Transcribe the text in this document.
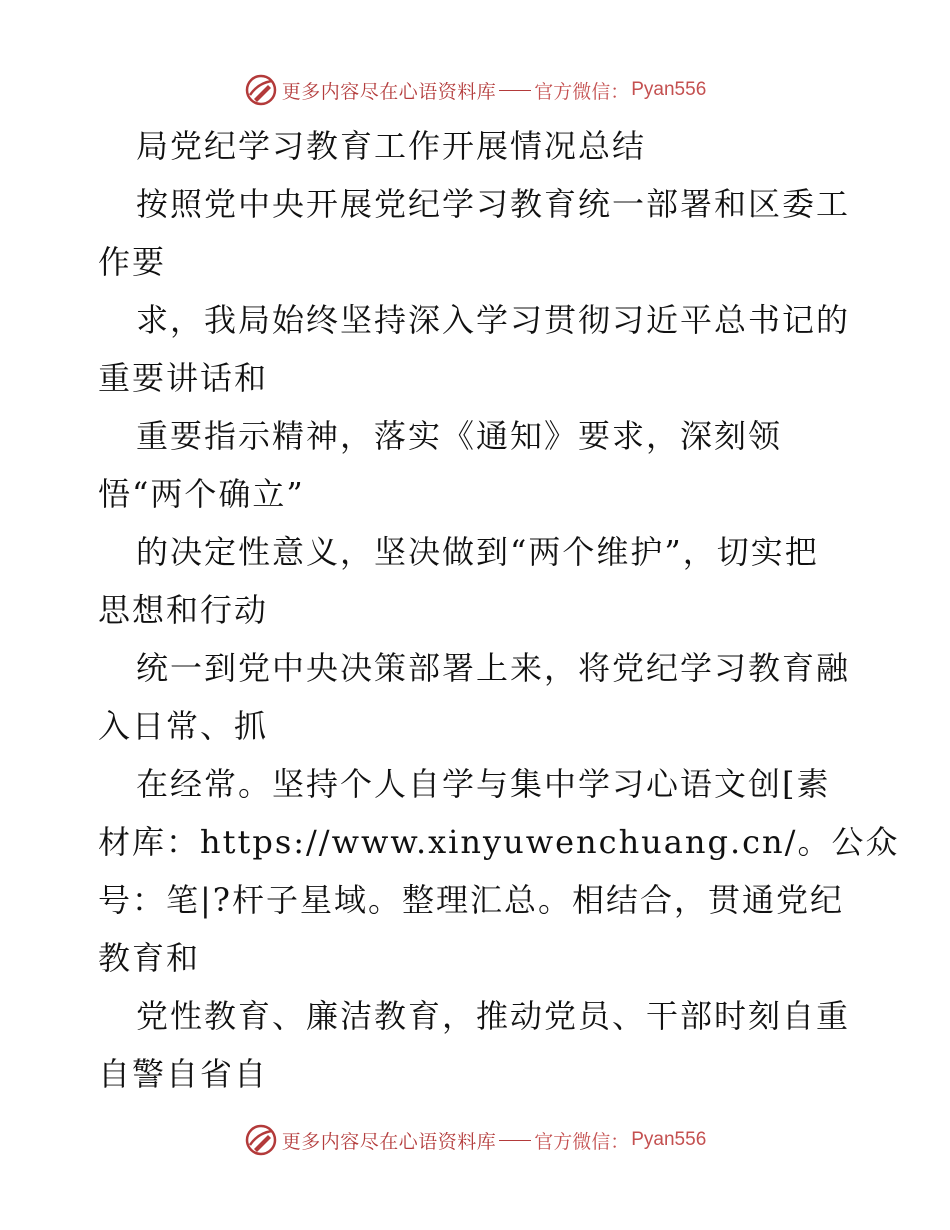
更多内容尽在心语资料库 官方微信： Pyan556
局党纪学习教育工作开展情况总结
按照党中央开展党纪学习教育统一部署和区委工
作要
求，我局始终坚持深入学习贯彻习近平总书记的
重要讲话和
重要指示精神，落实《通知》要求，深刻领
悟“两个确立”
的决定性意义，坚决做到“两个维护”，切实把
思想和行动
统一到党中央决策部署上来，将党纪学习教育融
入日常、抓
在经常。坚持个人自学与集中学习心语文创[素
材库：https://www.xinyuwenchuang.cn/。公众
号：笔|?杆子星域。整理汇总。相结合，贯通党纪
教育和
党性教育、廉洁教育，推动党员、干部时刻自重
自警自省自
更多内容尽在心语资料库 官方微信： Pyan556
